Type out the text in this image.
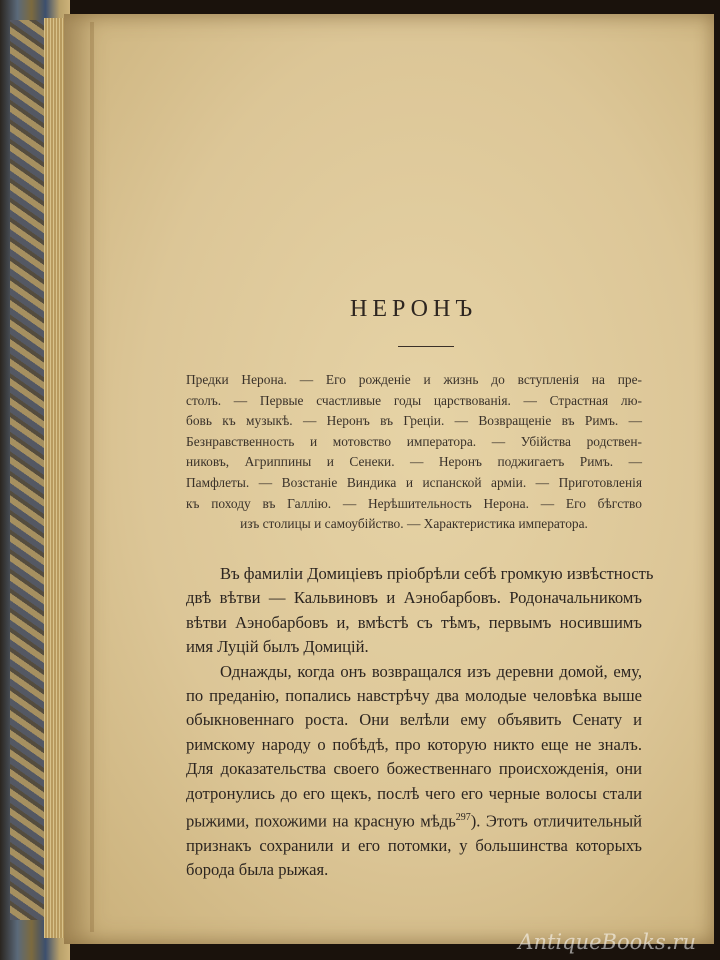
НЕРОНЪ
Предки Нерона. — Его рожденіе и жизнь до вступленія на пре-
столъ. — Первые счастливые годы царствованія. — Страстная лю-
бовь къ музыкѣ. — Неронъ въ Греціи. — Возвращеніе въ Римъ. —
Безнравственность и мотовство императора. — Убійства родствен-
никовъ, Агриппины и Сенеки. — Неронъ поджигаетъ Римъ. —
Памфлеты. — Возстаніе Виндика и испанской арміи. — Приготовленія
къ походу въ Галлію. — Нерѣшительность Нерона. — Его бѣгство
изъ столицы и самоубійство. — Характеристика императора.
Въ фамиліи Домиціевъ пріобрѣли себѣ громкую извѣстность
двѣ вѣтви — Кальвиновъ и Аэнобарбовъ. Родоначальникомъ
вѣтви Аэнобарбовъ и, вмѣстѣ съ тѣмъ, первымъ носившимъ
имя Луцій былъ Домицій.
Однажды, когда онъ возвращался изъ деревни домой, ему,
по преданію, попались навстрѣчу два молодые человѣка выше
обыкновеннаго роста. Они велѣли ему объявить Сенату и
римскому народу о побѣдѣ, про которую никто еще не зналъ.
Для доказательства своего божественнаго происхожденія, они
дотронулись до его щекъ, послѣ чего его черные волосы стали
рыжими, похожими на красную мѣдь$^{297}$). Этотъ отличительный
признакъ сохранили и его потомки, у большинства которыхъ
борода была рыжая.
AntiqueBooks.ru
